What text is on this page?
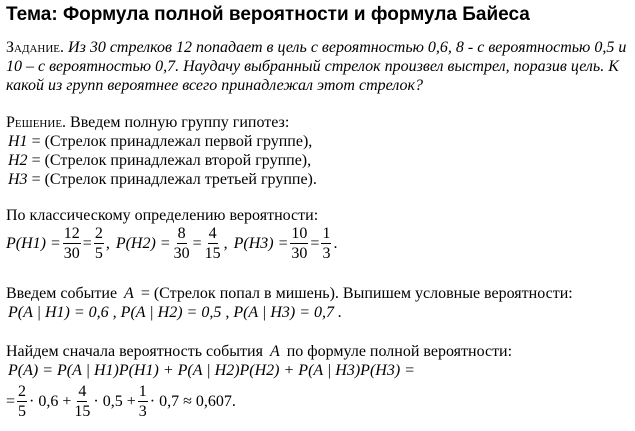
Тема: Формула полной вероятности и формула Байеса
Задание. Из 30 стрелков 12 попадает в цель с вероятностью 0,6, 8 - с вероятностью 0,5 и 10 – с вероятностью 0,7. Наудачу выбранный стрелок произвел выстрел, поразив цель. К какой из групп вероятнее всего принадлежал этот стрелок?
Решение. Введем полную группу гипотез:
H1 = (Стрелок принадлежал первой группе),
H2 = (Стрелок принадлежал второй группе),
H3 = (Стрелок принадлежал третьей группе).
По классическому определению вероятности:
$P(H1) = \frac{12}{30} = \frac{2}{5}$ , $P(H2) = \frac{8}{30} = \frac{4}{15}$ , $P(H3) = \frac{10}{30} = \frac{1}{3}$ .
Введем событие A = (Стрелок попал в мишень). Выпишем условные вероятности:
P(A | H1) = 0,6 , P(A | H2) = 0,5 , P(A | H3) = 0,7 .
Найдем сначала вероятность события A по формуле полной вероятности:
P(A) = P(A | H1)P(H1) + P(A | H2)P(H2) + P(A | H3)P(H3) =
= $\frac{2}{5} \cdot 0,6 + \frac{4}{15} \cdot 0,5 + \frac{1}{3} \cdot 0,7 \approx 0,607$.
